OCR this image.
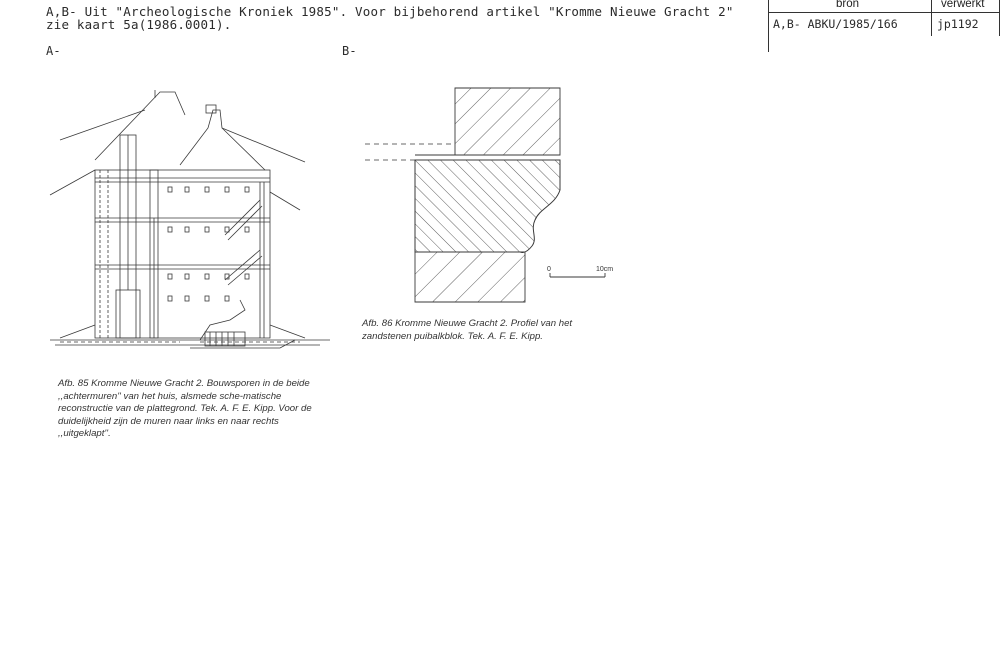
A,B- Uit "Archeologische Kroniek 1985". Voor bijbehorend artikel "Kromme Nieuwe Gracht 2"
zie kaart 5a(1986.0001).
A-	B-
bron	verwerkt
A,B- ABKU/1985/166	jp1192
0	10cm
Afb. 85 Kromme Nieuwe Gracht 2. Bouwsporen in de beide ,,achtermuren'' van het huis, alsmede sche-matische reconstructie van de plattegrond. Tek. A. F. E. Kipp. Voor de duidelijkheid zijn de muren naar links en naar rechts ,,uitgeklapt''.
Afb. 86 Kromme Nieuwe Gracht 2. Profiel van het zandstenen puibalkblok. Tek. A. F. E. Kipp.
